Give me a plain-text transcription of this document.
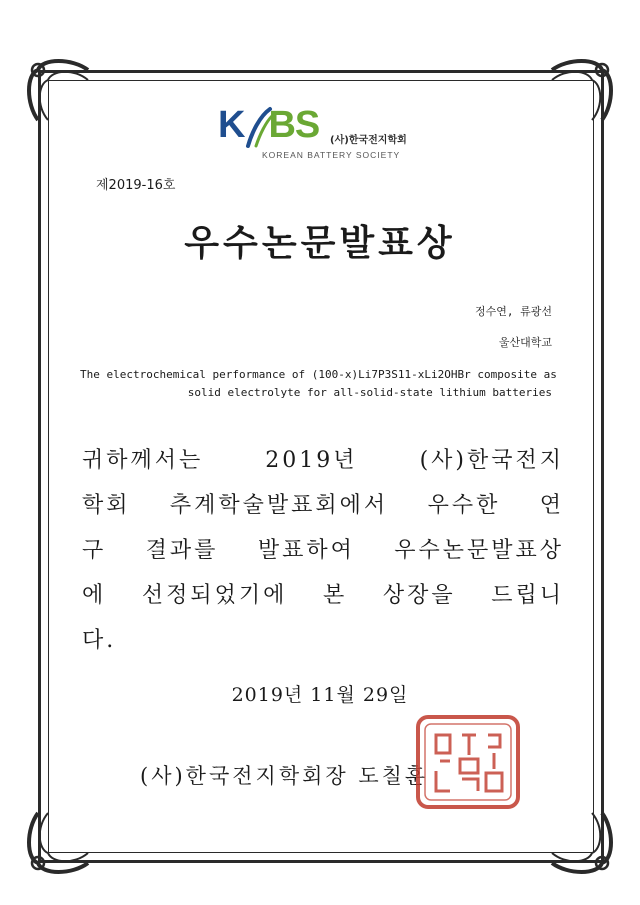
K BS (사)한국전지학회
KOREAN BATTERY SOCIETY
제2019-16호
우수논문발표상
정수연, 류광선
울산대학교
The electrochemical performance of (100-x)Li7P3S11-xLi2OHBr composite as
solid electrolyte for all-solid-state lithium batteries
귀하께서는 2019년 (사)한국전지
학회 추계학술발표회에서 우수한 연
구 결과를 발표하여 우수논문발표상
에 선정되었기에 본 상장을 드립니
다.
2019년 11월 29일
(사)한국전지학회장 도칠훈
